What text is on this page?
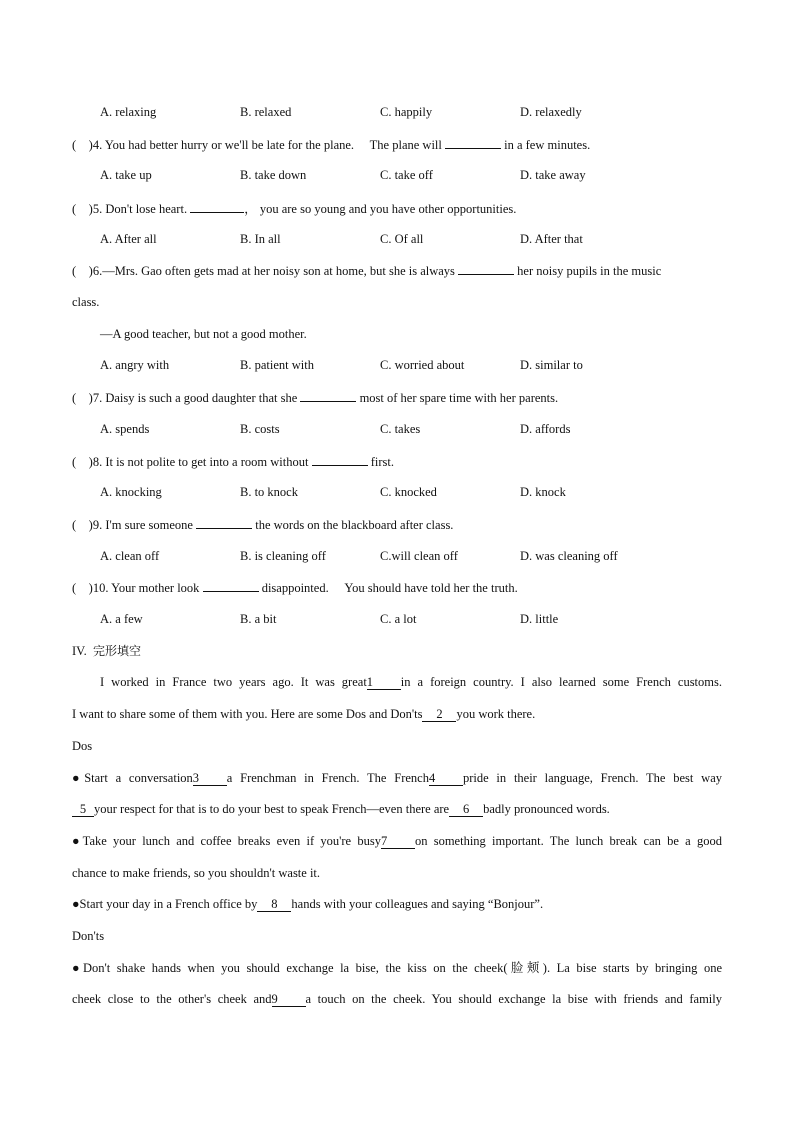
A. relaxing	B. relaxed	C. happily	D. relaxedly
(    )4. You had better hurry or we'll be late for the plane. The plane will	in a few minutes.
A. take up	B. take down	C. take off	D. take away
(    )5. Don't lose heart.	， you are so young and you have other opportunities.
A. After all	B. In all	C. Of all	D. After that
(    )6.—Mrs. Gao often gets mad at her noisy son at home, but she is always	her noisy pupils in the music
class.
—A good teacher, but not a good mother.
A. angry with	B. patient with	C. worried about	D. similar to
(    )7. Daisy is such a good daughter that she	most of her spare time with her parents.
A. spends	B. costs	C. takes	D. affords
(    )8. It is not polite to get into a room without	first.
A. knocking	B. to knock	C. knocked	D. knock
(    )9. I'm sure someone	the words on the blackboard after class.
A. clean off	B. is cleaning off	C.will clean off	D. was cleaning off
(    )10. Your mother look	disappointed. You should have told her the truth.
A. a few	B. a bit	C. a lot	D. little
IV. 完形填空
I worked in France two years ago. It was great1 in a foreign country. I also learned some French customs.
I want to share some of them with you. Here are some Dos and Don'ts 2 you work there.
Dos
●Start a conversation3 a Frenchman in French. The French4 pride in their language, French. The best way
5 your respect for that is to do your best to speak French—even there are 6 badly pronounced words.
●Take your lunch and coffee breaks even if you're busy7 on something important. The lunch break can be a good
chance to make friends, so you shouldn't waste it.
●Start your day in a French office by 8 hands with your colleagues and saying “Bonjour”.
Don'ts
●Don't shake hands when you should exchange la bise, the kiss on the cheek(脸颊). La bise starts by bringing one
cheek close to the other's cheek and9 a touch on the cheek. You should exchange la bise with friends and family
